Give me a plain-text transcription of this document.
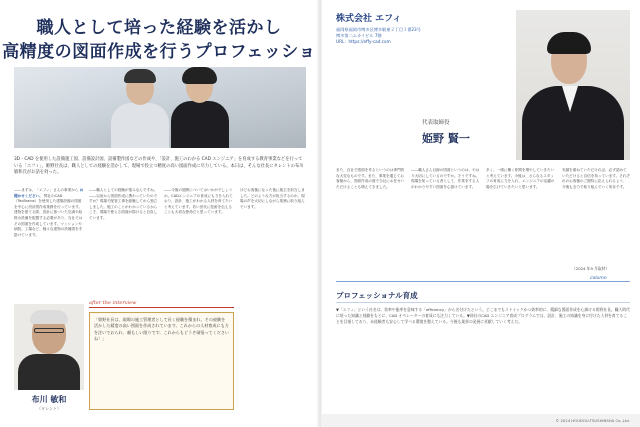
職人として培った経験を活かし
高精度の図面作成を行うプロフェッショ
3D・CAD を使用した設備施工図、設備設計図、設備製作図などの作成や、「設計、施工のわかる CAD エンジニア」を育成する教育事業などを行っている「エフィ」。姫野社長は、職人としての経験を活かして、現場で役立つ精度の高い図面作成に尽力している。本日は、そんな社長にタレントの布川敏和氏がお話を伺った。
――まずは、「エフィ」さんの事業から お聞かせください。 弊社のCAD（TecBrains）を使用した建築設備の図面を中心に設計図作成業務を行っています。建物を建てる際、設計に基づいた空調や給排水設備を配置する必要があり、当社ではその図面を作成しています。マンションや病院、工場など、様々な建物の設備図を手掛けています。
――職人としての経験が強みなんですね。――以前から図面作成に携わっていたのですか？現場で配管工事を経験してから独立しました。施工のことがわかっているからこそ、現場で使える図面が描けると自負しています。
――今後の展開についてはいかがでしょうか。CADエンジニアの育成にも力を入れており、設計、施工がわかる人材を育てたいと考えています。若い世代に技術を伝えることも大切な使命だと思っています。
ほどお客様になった後に施主を担当しました。どのような方が担当するのか、現場の声を大切にしながら業務に取り組んでいます。
after the interview
布川 敏和
（タレント）
「姫野社長は、現場の施工管理者として長く経験を積まれ、その経験を活かした精度の高い図面を作成されています。これからの人材育成にも力を注いでおられ、頼もしい限りです。これからもどうぞ頑張ってくださいね！」
株式会社 エフィ
福岡県福岡市博多区博多駅東２丁目１番23号
博多第二ムカイビル 7階
URL：https://effy-cad.com
代表取締役
姫野 賢一
また、自社で図面を作るというのは専門的な大変なものです。また、事業を通じてお客様から、図面作成の面で当社にお任せいただけることも増えてきました。
――職人さん目線の図面というのは、やはり大切にしているのですか。そうですね。現場を知っている者として、作業をする人がわかりやすい図面を心掛けています。
多く、一緒に働く仲間を増やしていきたいと考えています。今後は、さらなるスタッフの育成に力を入れ、エンジニアの活躍の場を広げていきたいと思います。
実績を重ねていただければ、必ず認めていただけると自信を持っています。それぞれのお客様のご期待に応えられるよう、今後も全力で取り組んでいく所存です。
（2024 年9 月取材）
column
プロフェッショナル育成
▼「エフィ」という社名は、効率や能率を意味する「efficiency」から名付けたという。どこまでもストイックかつ効率的に、精細な図面作成を心掛ける姫野社長。職人時代に培った知識と経験をもとに、CAD オペレーターの育成にも注力している。▼同社のCAD エンジニア育成プログラムでは、設計、施工の知識を身に付けた人材を育てることを目指しており、未経験者も安心して学べる環境を整えている。今後も業界の発展に貢献していく考えだ。
© 2024 HOUDOU-TSUSHINSHA Co.,Ltd.
